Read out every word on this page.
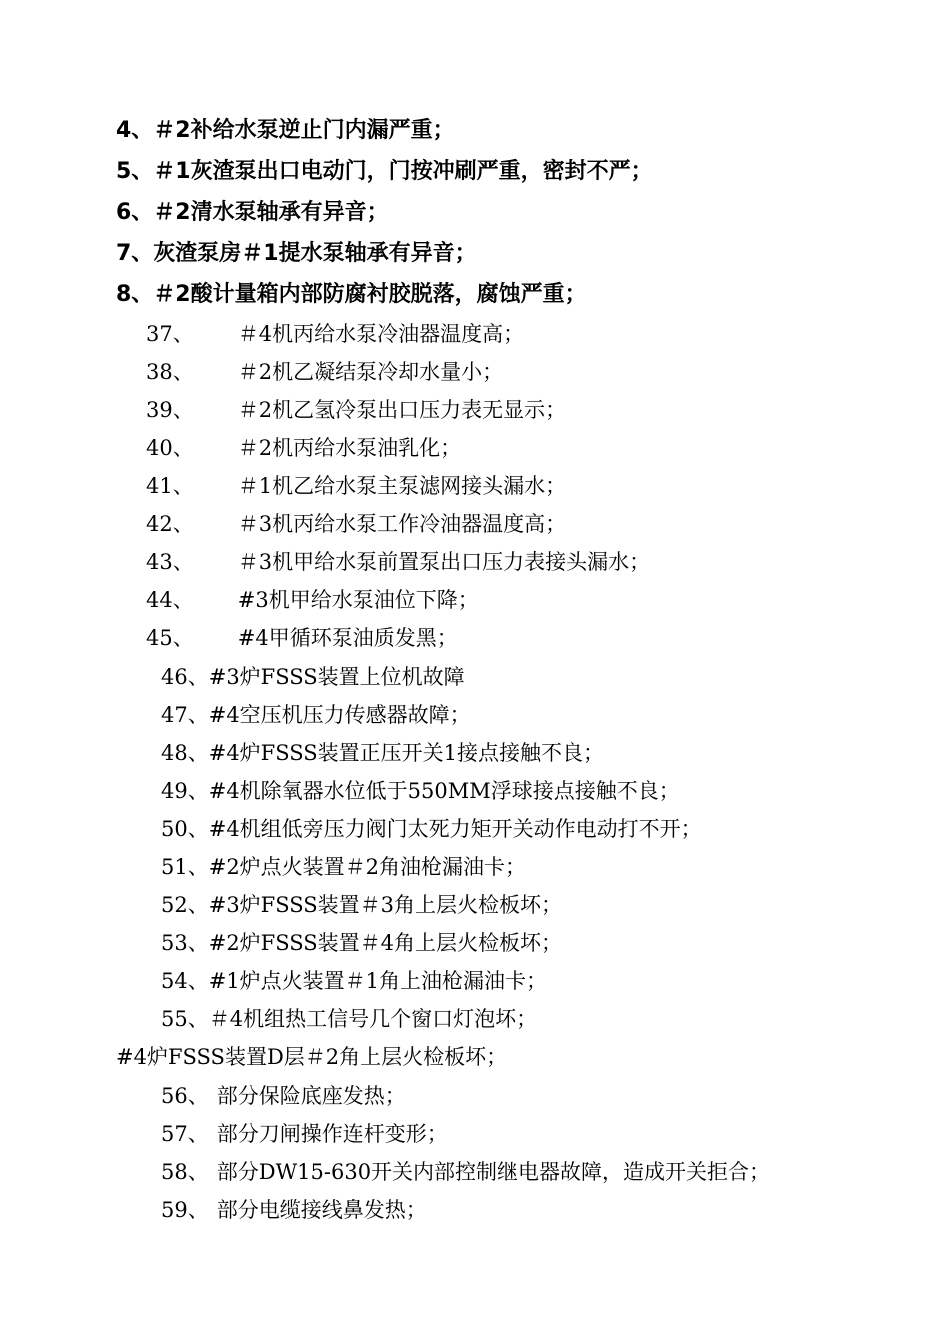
4、＃2补给水泵逆止门内漏严重；
5、＃1灰渣泵出口电动门，门按冲刷严重，密封不严；
6、＃2清水泵轴承有异音；
7、灰渣泵房＃1提水泵轴承有异音；
8、＃2酸计量箱内部防腐衬胶脱落，腐蚀严重；
37、 ＃4机丙给水泵冷油器温度高；
38、 ＃2机乙凝结泵冷却水量小；
39、 ＃2机乙氢冷泵出口压力表无显示；
40、 ＃2机丙给水泵油乳化；
41、 ＃1机乙给水泵主泵滤网接头漏水；
42、 ＃3机丙给水泵工作冷油器温度高；
43、 ＃3机甲给水泵前置泵出口压力表接头漏水；
44、 #3机甲给水泵油位下降；
45、 #4甲循环泵油质发黑；
46、#3炉FSSS装置上位机故障
47、#4空压机压力传感器故障；
48、#4炉FSSS装置正压开关1接点接触不良；
49、#4机除氧器水位低于550MM浮球接点接触不良；
50、#4机组低旁压力阀门太死力矩开关动作电动打不开；
51、#2炉点火装置＃2角油枪漏油卡；
52、#3炉FSSS装置＃3角上层火检板坏；
53、#2炉FSSS装置＃4角上层火检板坏；
54、#1炉点火装置＃1角上油枪漏油卡；
55、＃4机组热工信号几个窗口灯泡坏；
#4炉FSSS装置D层＃2角上层火检板坏；
56、 部分保险底座发热；
57、 部分刀闸操作连杆变形；
58、 部分DW15-630开关内部控制继电器故障，造成开关拒合；
59、 部分电缆接线鼻发热；
